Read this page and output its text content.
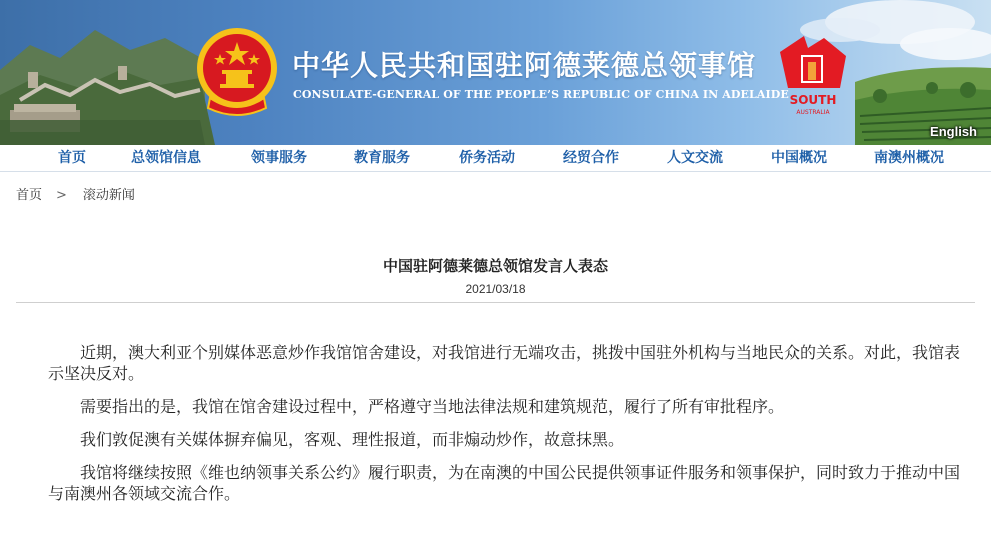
中华人民共和国驻阿德莱德总领事馆
CONSULATE-GENERAL OF THE PEOPLE’S REPUBLIC OF CHINA IN ADELAIDE SOUTH
AUSTRALIA
English
首页	总领馆信息	领事服务	教育服务	侨务活动	经贸合作	人文交流	中国概况	南澳州概况
首页 > 滚动新闻
中国驻阿德莱德总领馆发言人表态
2021/03/18

近期，澳大利亚个别媒体恶意炒作我馆馆舍建设，对我馆进行无端攻击，挑拨中国驻外机构与当地民众的关系。对此，我馆表示坚决反对。

需要指出的是，我馆在馆舍建设过程中，严格遵守当地法律法规和建筑规范，履行了所有审批程序。

我们敦促澳有关媒体摒弃偏见，客观、理性报道，而非煽动炒作，故意抹黑。

我馆将继续按照《维也纳领事关系公约》履行职责，为在南澳的中国公民提供领事证件服务和领事保护，同时致力于推动中国与南澳州各领域交流合作。
